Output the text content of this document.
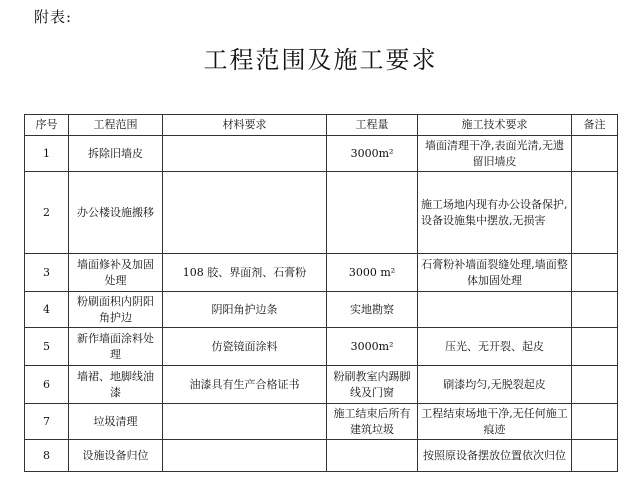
附表:
工程范围及施工要求
序号	工程范围	材料要求	工程量	施工技术要求	备注
1	拆除旧墙皮		3000m²	墙面清理干净,表面光清,无遗留旧墙皮	
2	办公楼设施搬移			施工场地内现有办公设备保护,设备设施集中摆放,无损害	
3	墙面修补及加固处理	108 胶、界面剂、石膏粉	3000 m²	石膏粉补墙面裂缝处理,墙面整体加固处理	
4	粉刷面积内阴阳角护边	阴阳角护边条	实地勘察		
5	新作墙面涂料处理	仿瓷镜面涂料	3000m²	压光、无开裂、起皮	
6	墙裙、地脚线油漆	油漆具有生产合格证书	粉刷教室内踢脚线及门窗	刷漆均匀,无脱裂起皮	
7	垃圾清理		施工结束后所有建筑垃圾	工程结束场地干净,无任何施工痕迹	
8	设施设备归位			按照原设备摆放位置依次归位	
